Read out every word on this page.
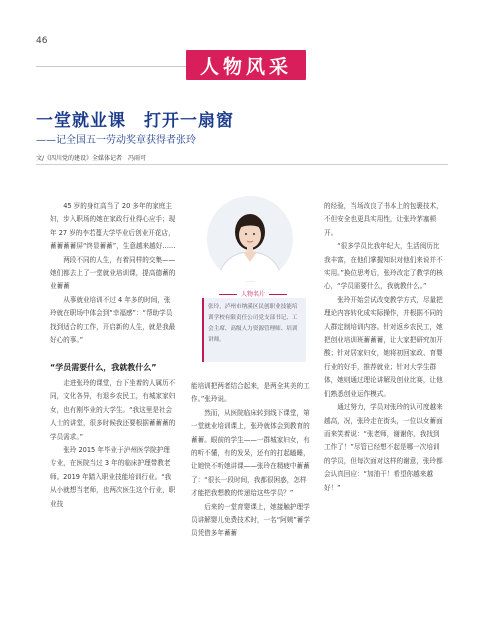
46
人物风采
一堂就业课　打开一扇窗
——记全国五一劳动奖章获得者张玲
文/《四川党的建设》全媒体记者　冯雨可

45 岁的身红高当了 20 多年的家庭主妇，步入职场的她在家政行业得心应手；现年 27 岁的李若蔓大学毕业后创业开花店，蓄蓄蓄蓄屏“终显蓄蓄”，生意越来越好……

两段不同的人生，有着同样的交集——她们都去上了一堂就业培训课，提高德蓄的业蓄蓄

从事就业培训不过 4 年多的时间，张玲就在职场中体会到“幸福感”：“帮助学员找到适合的工作，开启新的人生，就是我最好心的事。”

“学员需要什么，我就教什么”

走进张玲的课堂，台下坐着的人属历不同，文化各异，有退乡农民工，有城家家妇女，也有刚毕业的大学生。“我这里是社会人士的讲堂，很多时候我还要根据蓄蓄蓄的学员需求。”

张玲 2015 年毕业于泸州医学院护理专业，在医院当过 3 年的临床护理带教老师。2019 年踏入职业技能培训行业。“我从小就想当老师，也两次医生这个行业，职业技

人物名片
张玲，泸州市纳溪区民创职业技能培训学校有限责任公司党支部书记、工会主席、高级人力资源管理师、培训讲师。

能培训把两者结合起来，是两全其美的工作。”张玲说。

然而，从医院临床转到线下课堂，第一堂就业培训课上，张玲就体会到教育的蓄蓄。眼前的学生——一群城家妇女，有的听不懂，有的发呆，还有的打起瞌睡，让她快不听她讲课——张玲在精疲中蓄蓄了：“很长一段时间，我都很困惑，怎样才能把我想教的传递给这些学员？”

后来的一堂育婴课上，她接触护理学员讲解婴儿免费技术时，一名“阿姨”蓄学员凭借多年蓄蓄

的经验，当场改良了书本上的包裹技术，不但安全也更具实用性，让张玲茅塞顿开。

“很多学员比我年纪大，生活阅历比我丰富，在他们掌握知识对他们来说并不实用。”换位思考后，张玲改定了教学的核心，“学员需要什么，我就教什么。”

张玲开始尝试改变教学方式，尽量把理论内容转化成实际操作，并根据不同的人群定制培训内容。针对返乡农民工，她把创业培训班蓄蓄蓄，让大家把研究加开酸；针对居家妇女，她将初回家政、育婴行业的好手，推荐就业；针对大学生群体，她则通过理论讲解及创业比赛，让他们熟悉创业运作模式。

通过努力，学员对张玲的认可度越来越高，况，张玲走在街头，一位以女蓄面而来笑着说：“张老师，谢谢你，我找到工作了！”尽管已经想不起是哪一次培训的学员，但每次面对这样的谢意，张玲都会认真回应：“加油干！希望你越来越好！”
